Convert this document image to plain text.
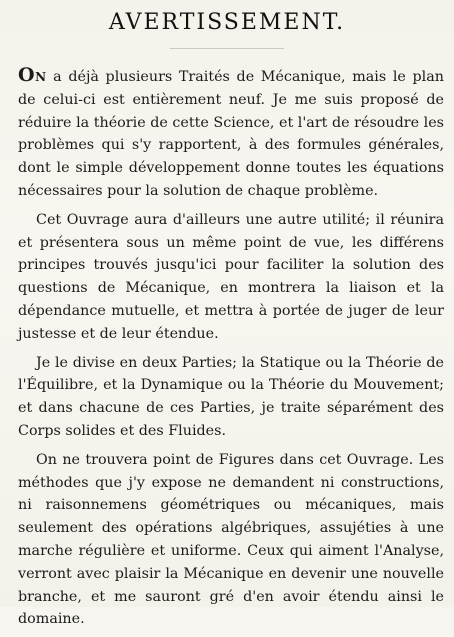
AVERTISSEMENT.

ON a déjà plusieurs Traités de Mécanique, mais le plan de celui-ci est entièrement neuf. Je me suis proposé de réduire la théorie de cette Science, et l'art de résoudre les problèmes qui s'y rapportent, à des formules générales, dont le simple développement donne toutes les équations nécessaires pour la solution de chaque problème.

Cet Ouvrage aura d'ailleurs une autre utilité; il réunira et présentera sous un même point de vue, les différens principes trouvés jusqu'ici pour faciliter la solution des questions de Mécanique, en montrera la liaison et la dépendance mutuelle, et mettra à portée de juger de leur justesse et de leur étendue.

Je le divise en deux Parties; la Statique ou la Théorie de l'Équilibre, et la Dynamique ou la Théorie du Mouvement; et dans chacune de ces Parties, je traite séparément des Corps solides et des Fluides.

On ne trouvera point de Figures dans cet Ouvrage. Les méthodes que j'y expose ne demandent ni constructions, ni raisonnemens géométriques ou mécaniques, mais seulement des opérations algébriques, assujéties à une marche régulière et uniforme. Ceux qui aiment l'Analyse, verront avec plaisir la Mécanique en devenir une nouvelle branche, et me sauront gré d'en avoir étendu ainsi le domaine.
